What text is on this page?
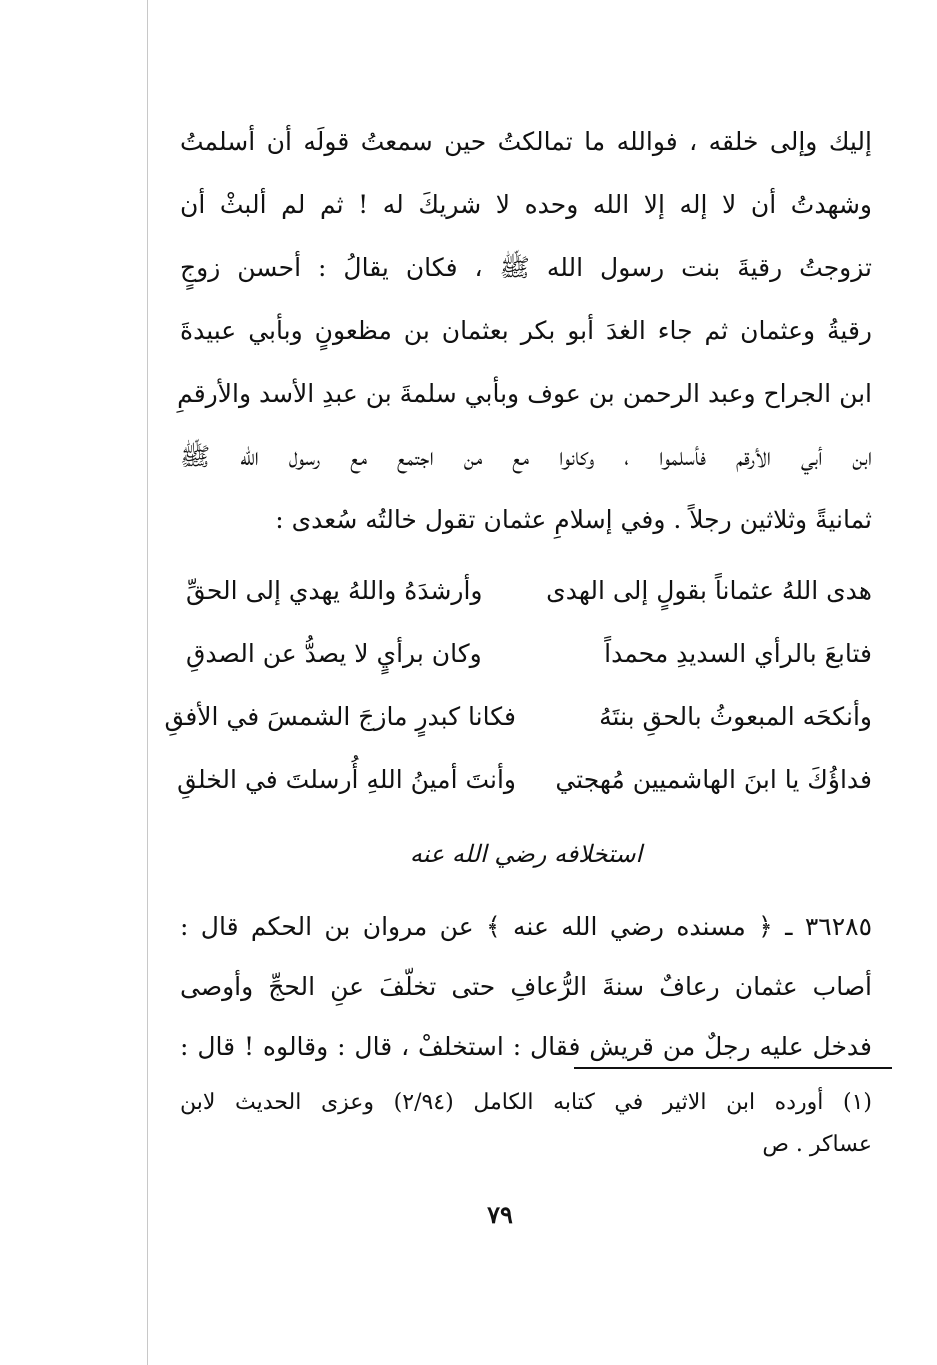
إليك وإلى خلقه ، فوالله ما تمالكتُ حين سمعتُ قولَه أن أسلمتُ
وشهدتُ أن لا إله إلا الله وحده لا شريكَ له ! ثم لم ألبثْ أن
تزوجتُ رقيةَ بنت رسول الله ﷺ ، فكان يقالُ : أحسن زوجٍ
رقيةُ وعثمان ثم جاء الغدَ أبو بكر بعثمان بن مظعونٍ وبأبي عبيدةَ
ابن الجراح وعبد الرحمن بن عوف وبأبي سلمةَ بن عبدِ الأسد والأرقمِ
ابن أبي الأرقم فأسلموا ، وكانوا مع من اجتمع مع رسول الله ﷺ
ثمانيةً وثلاثين رجلاً . وفي إسلامِ عثمان تقول خالتُه سُعدى :
هدى اللهُ عثماناً بقولٍ إلى الهدى
وأرشدَهُ واللهُ يهدي إلى الحقِّ
فتابعَ بالرأي السديدِ محمداً
وكان برأيٍ لا يصدُّ عن الصدقِ
وأنكحَه المبعوثُ بالحقِ بنتَهُ
فكانا كبدرٍ مازجَ الشمسَ في الأفقِ
فداؤُكَ يا ابنَ الهاشميين مُهجتي
وأنتَ أمينُ اللهِ أُرسلتَ في الخلقِ
استخلافه رضي الله عنه
٣٦٢٨٥ ـ ﴿ مسنده رضي الله عنه ﴾ عن مروان بن الحكم قال :
أصاب عثمان رعافٌ سنةَ الرُّعافِ حتى تخلّفَ عنِ الحجِّ وأوصى
فدخل عليه رجلٌ من قريش فقال : استخلفْ ، قال : وقالوه ! قال :
(١) أورده ابن الاثير في كتابه الكامل (٢/٩٤) وعزى الحديث لابن
عساكر . ص
٧٩
